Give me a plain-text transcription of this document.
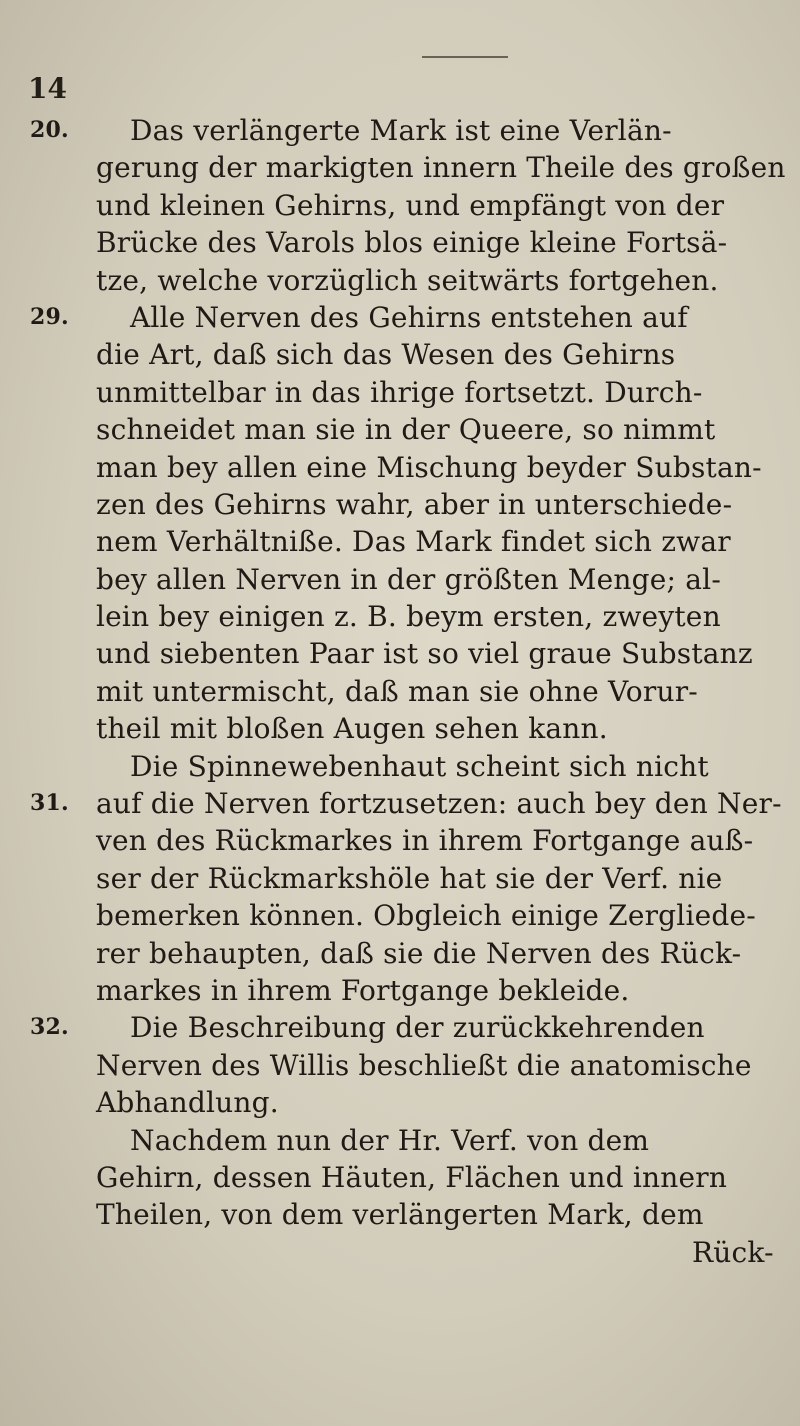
14
20. Das verlängerte Mark ist eine Verlän-
gerung der markigten innern Theile des großen
und kleinen Gehirns, und empfängt von der
Brücke des Varols blos einige kleine Fortsä-
tze, welche vorzüglich seitwärts fortgehen.
29. Alle Nerven des Gehirns entstehen auf
die Art, daß sich das Wesen des Gehirns
unmittelbar in das ihrige fortsetzt. Durch-
schneidet man sie in der Queere, so nimmt
man bey allen eine Mischung beyder Substan-
zen des Gehirns wahr, aber in unterschiede-
nem Verhältniße. Das Mark findet sich zwar
bey allen Nerven in der größten Menge; al-
lein bey einigen z. B. beym ersten, zweyten
und siebenten Paar ist so viel graue Substanz
mit untermischt, daß man sie ohne Vorur-
theil mit bloßen Augen sehen kann.
Die Spinnewebenhaut scheint sich nicht
31. auf die Nerven fortzusetzen: auch bey den Ner-
ven des Rückmarkes in ihrem Fortgange auß-
ser der Rückmarkshöle hat sie der Verf. nie
bemerken können. Obgleich einige Zergliede-
rer behaupten, daß sie die Nerven des Rück-
markes in ihrem Fortgange bekleide.
32. Die Beschreibung der zurückkehrenden
Nerven des Willis beschließt die anatomische
Abhandlung.
Nachdem nun der Hr. Verf. von dem
Gehirn, dessen Häuten, Flächen und innern
Theilen, von dem verlängerten Mark, dem
Rück-
